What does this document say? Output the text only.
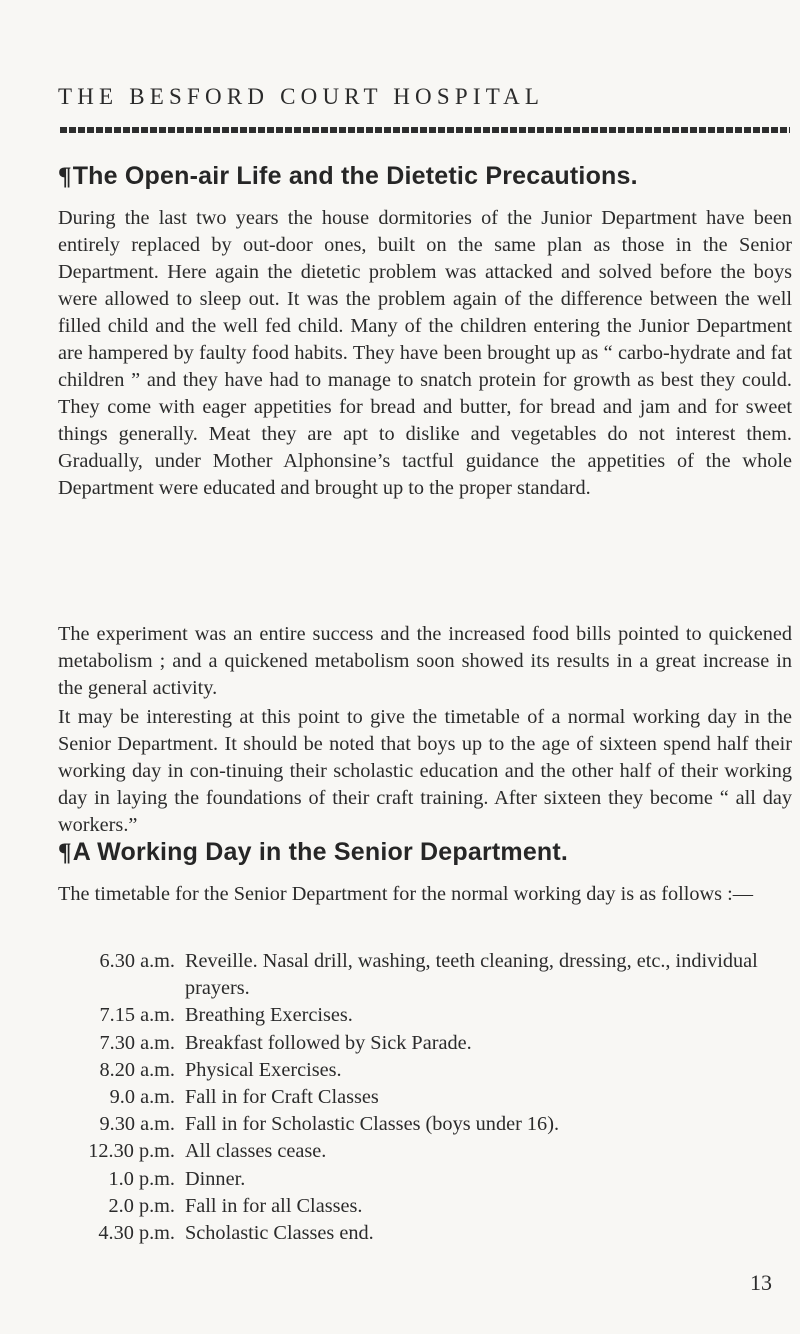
THE BESFORD COURT HOSPITAL
¶The Open-air Life and the Dietetic Precautions.

During the last two years the house dormitories of the Junior Department have been entirely replaced by out-door ones, built on the same plan as those in the Senior Department. Here again the dietetic problem was attacked and solved before the boys were allowed to sleep out. It was the problem again of the difference between the well filled child and the well fed child. Many of the children entering the Junior Department are hampered by faulty food habits. They have been brought up as “ carbo-hydrate and fat children ” and they have had to manage to snatch protein for growth as best they could. They come with eager appetities for bread and butter, for bread and jam and for sweet things generally. Meat they are apt to dislike and vegetables do not interest them. Gradually, under Mother Alphonsine’s tactful guidance the appetities of the whole Department were educated and brought up to the proper standard.

The experiment was an entire success and the increased food bills pointed to quickened metabolism ; and a quickened metabolism soon showed its results in a great increase in the general activity.

It may be interesting at this point to give the timetable of a normal working day in the Senior Department. It should be noted that boys up to the age of sixteen spend half their working day in con-tinuing their scholastic education and the other half of their working day in laying the foundations of their craft training. After sixteen they become “ all day workers.”

¶A Working Day in the Senior Department.

The timetable for the Senior Department for the normal working day is as follows :—

6.30 a.m. Reveille. Nasal drill, washing, teeth cleaning, dressing, etc., individual prayers.
7.15 a.m. Breathing Exercises.
7.30 a.m. Breakfast followed by Sick Parade.
8.20 a.m. Physical Exercises.
9.0 a.m. Fall in for Craft Classes
9.30 a.m. Fall in for Scholastic Classes (boys under 16).
12.30 p.m. All classes cease.
1.0 p.m. Dinner.
2.0 p.m. Fall in for all Classes.
4.30 p.m. Scholastic Classes end.
13
